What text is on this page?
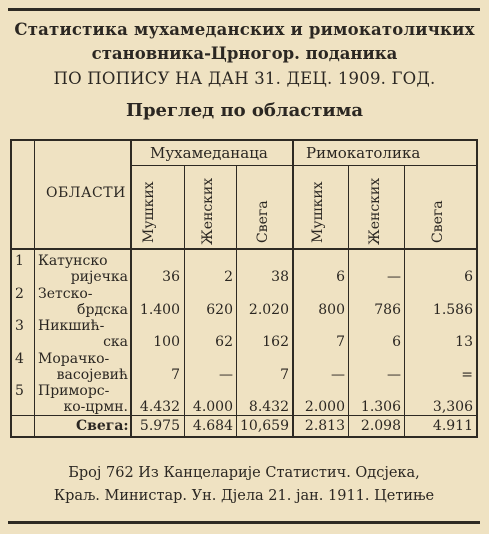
Статистика мухамеданских и римокатоличких
становника-Црногор. поданика
ПО ПОПИСУ НА ДАН 31. ДЕЦ. 1909. ГОД.
Преглед по областима
ОБЛАСТИ
Мухамеданаца	Римокатолика
Мушких	Женских	Свега	Мушких	Женских	Свега
1 Катунско
ријечка	36	2	38	6	—	6
2 Зетско-
брдска 1.400	620	2.020	800	786	1.586
3 Никшић-
ска	100	62	162	7	6	13
4 Морачко-
васојевић	7	—	7	—	—	=
5 Приморс-
ко-црмн. 4.432 4.000	8.432	2.000	1.306	3,306
Свега: 5.975 4.684 10,659	2.813	2.098	4.911
Број 762 Из Канцеларије Статистич. Одсјека,
Краљ. Министар. Ун. Дјела 21. јан. 1911. Цетиње
